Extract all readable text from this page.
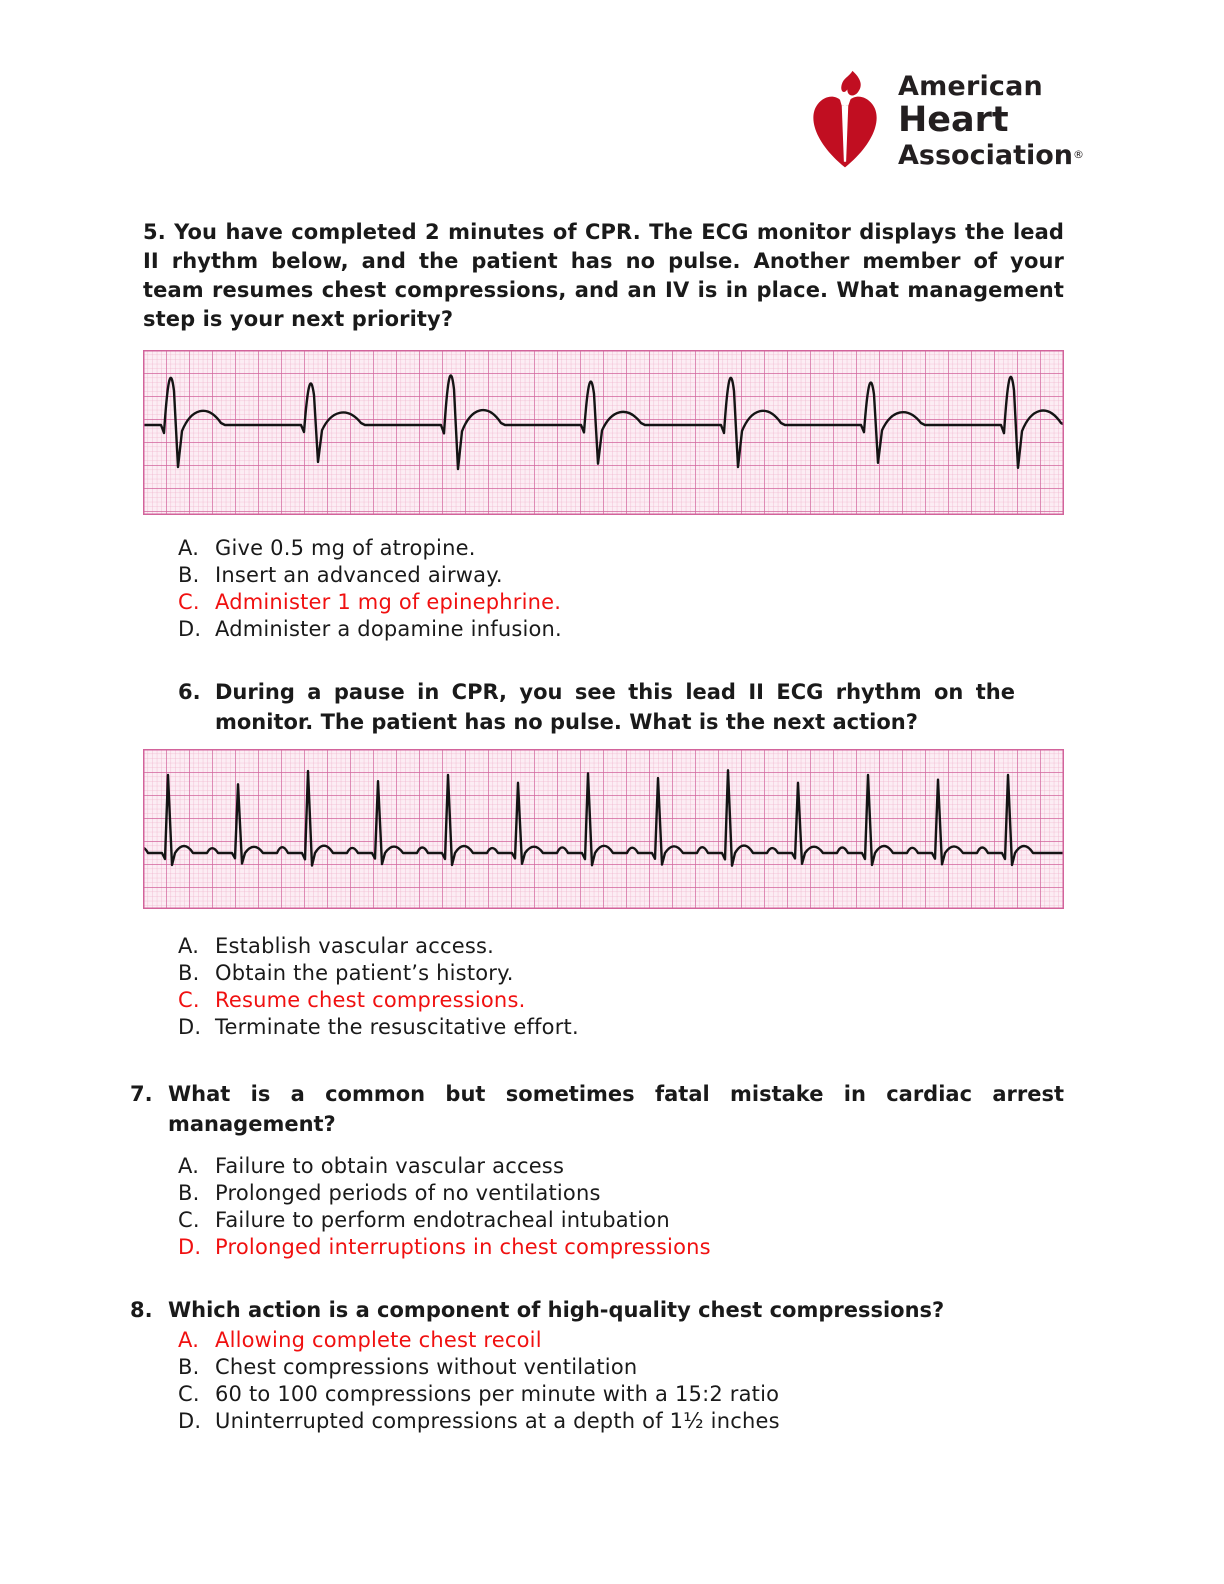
American
Heart
Association®

5. You have completed 2 minutes of CPR. The ECG monitor displays the lead II rhythm below, and the patient has no pulse. Another member of your team resumes chest compressions, and an IV is in place. What management step is your next priority?

A. Give 0.5 mg of atropine.
B. Insert an advanced airway.
C. Administer 1 mg of epinephrine.
D. Administer a dopamine infusion.
6. During a pause in CPR, you see this lead II ECG rhythm on the monitor. The patient has no pulse. What is the next action?
A. Establish vascular access.
B. Obtain the patient’s history.
C. Resume chest compressions.
D. Terminate the resuscitative effort.
7. What is a common but sometimes fatal mistake in cardiac arrest management?
A. Failure to obtain vascular access
B. Prolonged periods of no ventilations
C. Failure to perform endotracheal intubation
D. Prolonged interruptions in chest compressions
8. Which action is a component of high-quality chest compressions?
A. Allowing complete chest recoil
B. Chest compressions without ventilation
C. 60 to 100 compressions per minute with a 15:2 ratio
D. Uninterrupted compressions at a depth of 1½ inches
